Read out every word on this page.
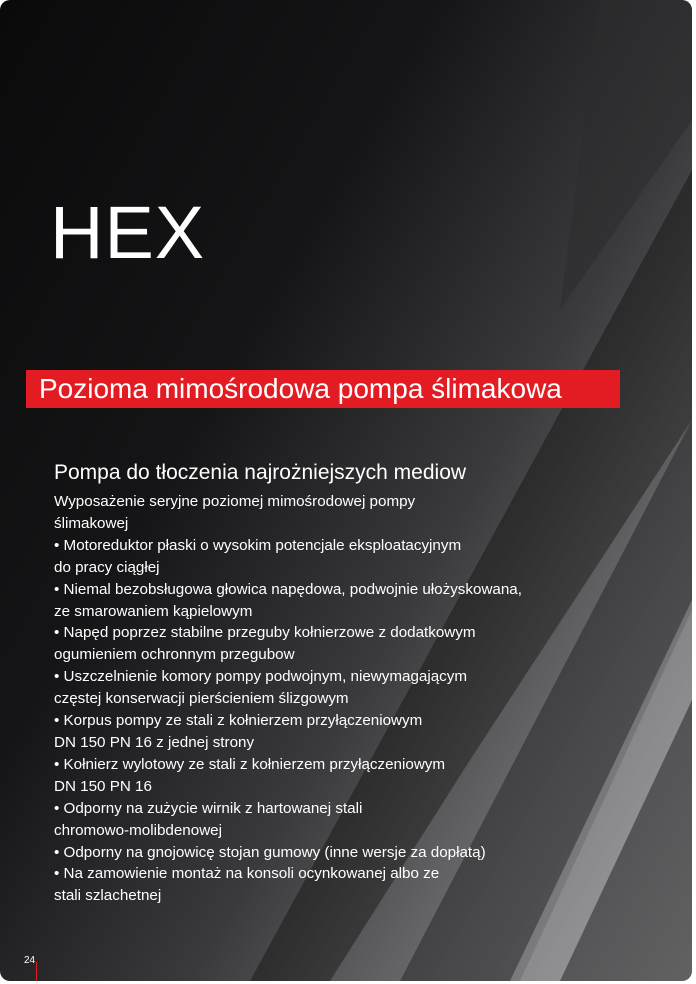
HEX
Pozioma mimośrodowa pompa ślimakowa
Pompa do tłoczenia najrożniejszych mediow

Wyposażenie seryjne poziomej mimośrodowej pompy

ślimakowej

• Motoreduktor płaski o wysokim potencjale eksploatacyjnym

do pracy ciągłej

• Niemal bezobsługowa głowica napędowa, podwojnie ułożyskowana,

ze smarowaniem kąpielowym

• Napęd poprzez stabilne przeguby kołnierzowe z dodatkowym

ogumieniem ochronnym przegubow

• Uszczelnienie komory pompy podwojnym, niewymagającym

częstej konserwacji pierścieniem ślizgowym

• Korpus pompy ze stali z kołnierzem przyłączeniowym

DN 150 PN 16 z jednej strony

• Kołnierz wylotowy ze stali z kołnierzem przyłączeniowym

DN 150 PN 16

• Odporny na zużycie wirnik z hartowanej stali

chromowo-molibdenowej

• Odporny na gnojowicę stojan gumowy (inne wersje za dopłatą)

• Na zamowienie montaż na konsoli ocynkowanej albo ze

stali szlachetnej

24
